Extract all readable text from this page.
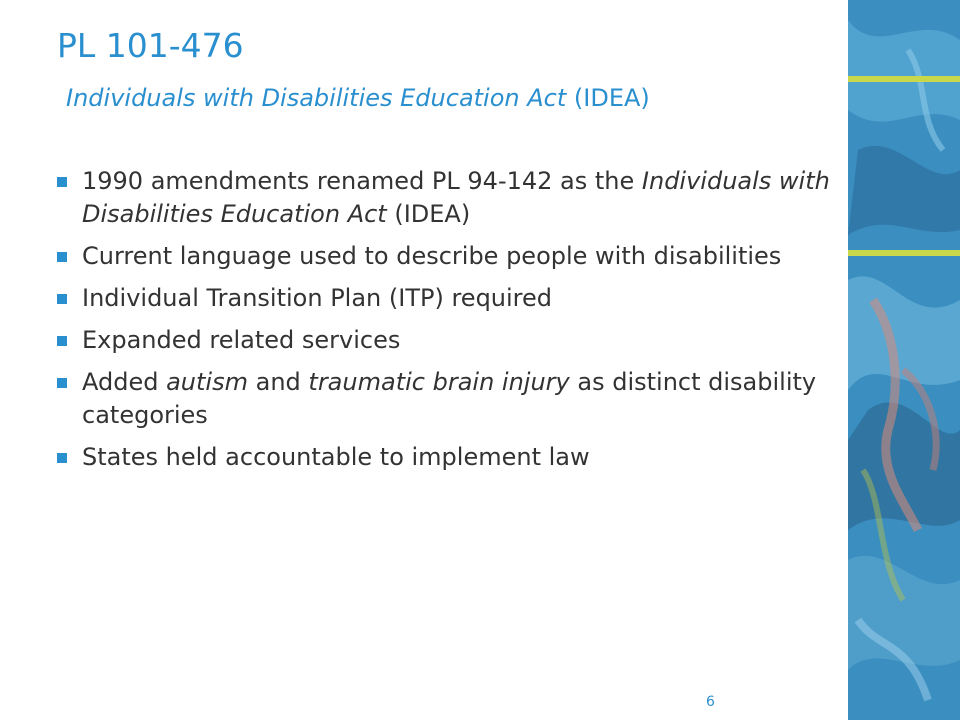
PL 101-476
Individuals with Disabilities Education Act (IDEA)
1990 amendments renamed PL 94-142 as the Individuals with Disabilities Education Act (IDEA)
Current language used to describe people with disabilities
Individual Transition Plan (ITP) required
Expanded related services
Added autism and traumatic brain injury as distinct disability categories
States held accountable to implement law
6
